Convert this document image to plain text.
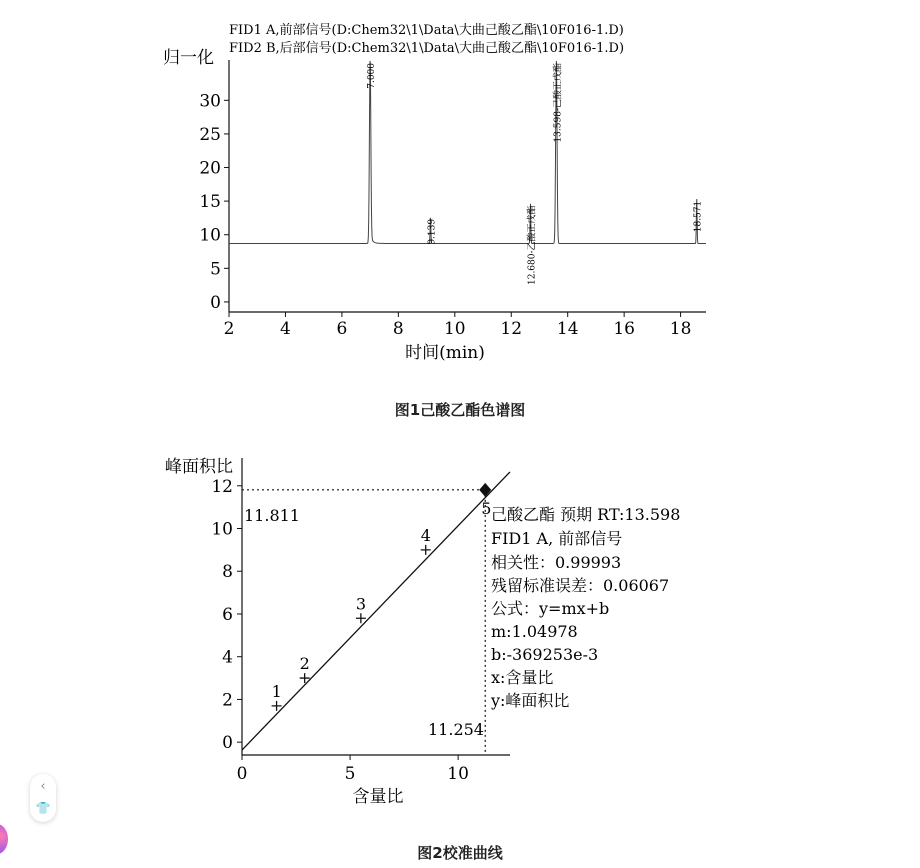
FID1 A,前部信号(D:Chem32\1\Data\大曲己酸乙酯\10F016-1.D)
FID2 B,后部信号(D:Chem32\1\Data\大曲己酸乙酯\10F016-1.D)
归一化
时间(min)
0
5
10
15
20
25
30
2	4	6	8 10 12 14 16 18
7.000
9.139	12.680-乙酸正戊酯
13.598-己酸正戊酯
18.571
峰面积比
含量比
11.811
11.254
0
2
4
6
8
10
12
0	5	10
1
2
3
4
5 己酸乙酯 预期 RT:13.598
FID1 A, 前部信号
相关性：0.99993
残留标准误差：0.06067
公式：y=mx+b
m:1.04978
b:-369253e-3
x:含量比
y:峰面积比
图1己酸乙酯色谱图
图2校准曲线
‹
👕
